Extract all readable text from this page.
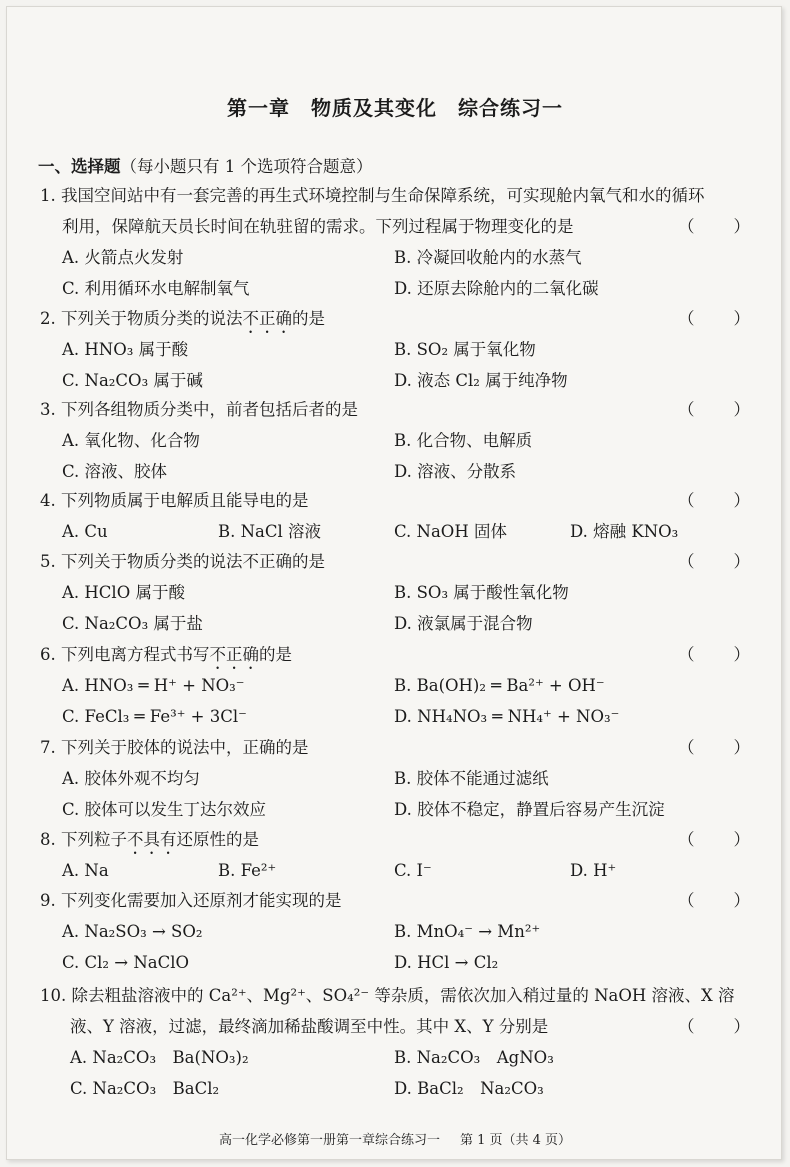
第一章　物质及其变化　综合练习一
一、选择题（每小题只有 1 个选项符合题意）
1. 我国空间站中有一套完善的再生式环境控制与生命保障系统，可实现舱内氧气和水的循环
利用，保障航天员长时间在轨驻留的需求。下列过程属于物理变化的是	（　　）
A. 火箭点火发射	B. 冷凝回收舱内的水蒸气
C. 利用循环水电解制氧气	D. 还原去除舱内的二氧化碳
2. 下列关于物质分类的说法不正确的是	（　　）
A. HNO₃ 属于酸	B. SO₂ 属于氧化物
C. Na₂CO₃ 属于碱	D. 液态 Cl₂ 属于纯净物
3. 下列各组物质分类中，前者包括后者的是	（　　）
A. 氧化物、化合物	B. 化合物、电解质
C. 溶液、胶体	D. 溶液、分散系
4. 下列物质属于电解质且能导电的是	（　　）
A. Cu	B. NaCl 溶液	C. NaOH 固体	D. 熔融 KNO₃
5. 下列关于物质分类的说法不正确的是	（　　）
A. HClO 属于酸	B. SO₃ 属于酸性氧化物
C. Na₂CO₃ 属于盐	D. 液氯属于混合物
6. 下列电离方程式书写不正确的是	（　　）
A. HNO₃ ═ H⁺ + NO₃⁻	B. Ba(OH)₂ ═ Ba²⁺ + OH⁻
C. FeCl₃ ═ Fe³⁺ + 3Cl⁻	D. NH₄NO₃ ═ NH₄⁺ + NO₃⁻
7. 下列关于胶体的说法中，正确的是	（　　）
A. 胶体外观不均匀	B. 胶体不能通过滤纸
C. 胶体可以发生丁达尔效应	D. 胶体不稳定，静置后容易产生沉淀
8. 下列粒子不具有还原性的是	（　　）
A. Na	B. Fe²⁺	C. I⁻	D. H⁺
9. 下列变化需要加入还原剂才能实现的是	（　　）
A. Na₂SO₃ → SO₂	B. MnO₄⁻ → Mn²⁺
C. Cl₂ → NaClO	D. HCl → Cl₂
10. 除去粗盐溶液中的 Ca²⁺、Mg²⁺、SO₄²⁻ 等杂质，需依次加入稍过量的 NaOH 溶液、X 溶
液、Y 溶液，过滤，最终滴加稀盐酸调至中性。其中 X、Y 分别是	（　　）
A. Na₂CO₃　Ba(NO₃)₂	B. Na₂CO₃　AgNO₃
C. Na₂CO₃　BaCl₂	D. BaCl₂　Na₂CO₃
高一化学必修第一册第一章综合练习一 第 1 页（共 4 页）
